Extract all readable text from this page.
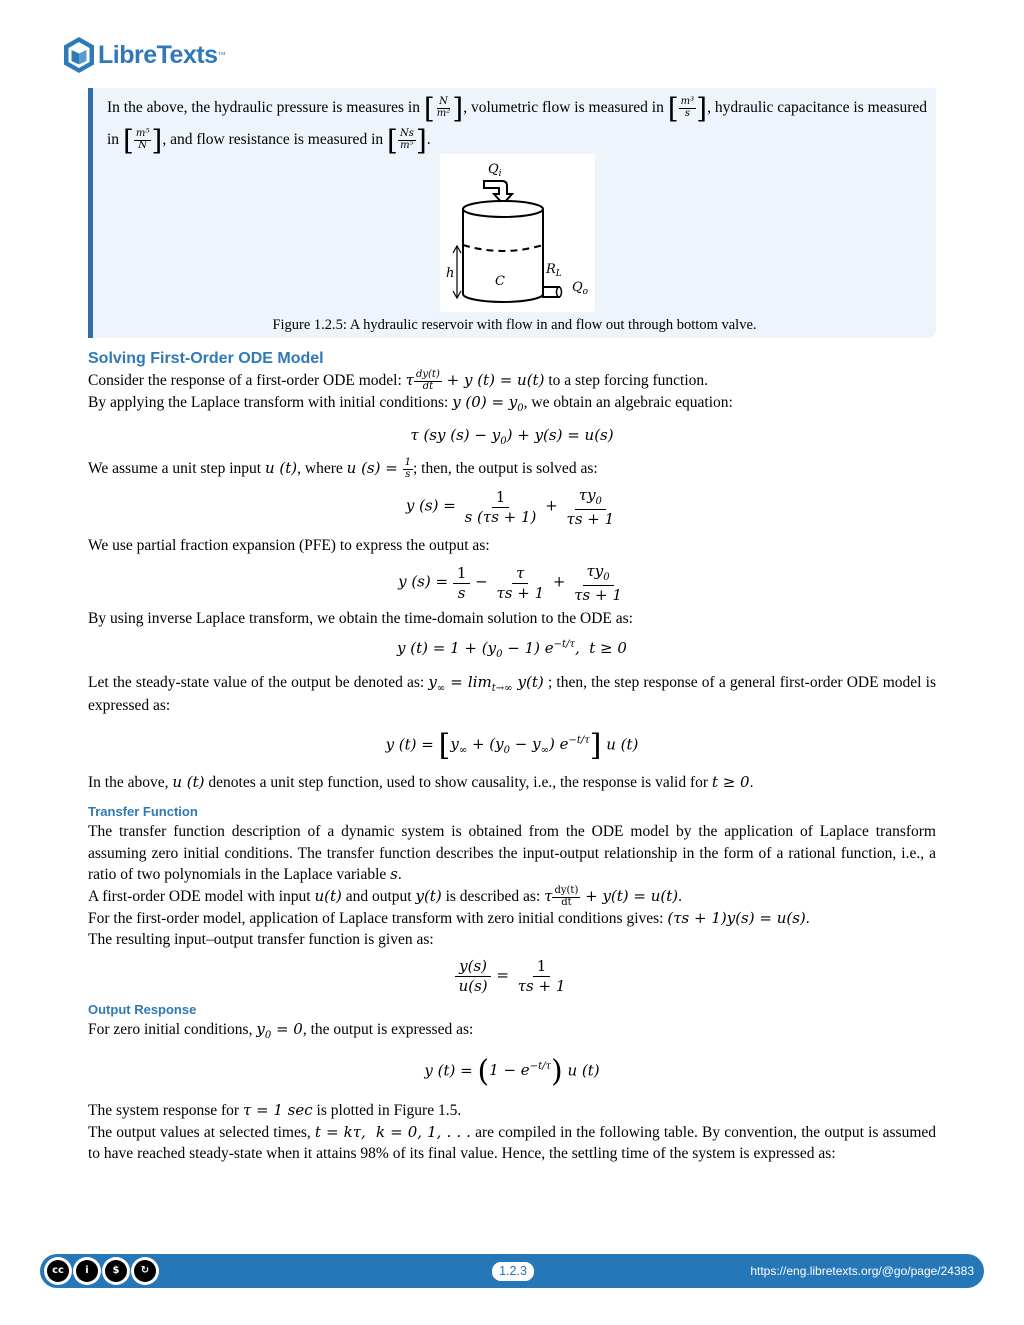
LibreTexts ™
In the above, the hydraulic pressure is measures in [ $\frac{N}{\text{m²}}$ ], volumetric flow is measured in [ $\frac{\text{m³}}{s}$ ], hydraulic capacitance is measured in [ $\frac{\text{m⁵}}{N}$ ], and flow resistance is measured in [ $\frac{Ns}{\text{m⁵}}$ ].
$Q_i$
h
C
$R_L$
$Q_o$
Figure 1.2.5: A hydraulic reservoir with flow in and flow out through bottom valve.
Solving First-Order ODE Model

Consider the response of a first-order ODE model: τ $\frac{dy(t)}{dt} + y$ (t) = u(t) to a step forcing function.

By applying the Laplace transform with initial conditions: y $(0) = y_0$, we obtain an algebraic equation:

τ (sy $(s) - y_0) + y(s) = u(s)$

We assume a unit step input u (t), where u $(s) = \frac{1}{s}$ ; then, the output is solved as:

y $(s) = \frac{1}{s (\tau s + 1)} + \frac{\tau y_0}{\tau s + 1}$

We use partial fraction expansion (PFE) to express the output as:

y $(s) = \frac{1}{s} - \frac{\tau}{\tau s + 1} + \frac{\tau y_0}{\tau s + 1}$

By using inverse Laplace transform, we obtain the time-domain solution to the ODE as:

y $(t) = 1 + (y_0 - 1)$ $e^{-t/\tau}$,  t ≥ 0

Let the steady-state value of the output be denoted as: $y_\infty = \lim_{t\to\infty} y(t)$ ; then, the step response of a general first-order ODE model is expressed as:

y $(t) = [y_\infty + (y_0 - y_\infty)$ $e^{-t/\tau}$] u (t)

In the above, u (t) denotes a unit step function, used to show causality, i.e., the response is valid for t ≥ 0.

Transfer Function

The transfer function description of a dynamic system is obtained from the ODE model by the application of Laplace transform assuming zero initial conditions. The transfer function describes the input-output relationship in the form of a rational function, i.e., a ratio of two polynomials in the Laplace variable s.

A first-order ODE model with input u(t) and output y(t) is described as: τ $\frac{dy(t)}{dt} + y(t) = u(t)$.

For the first-order model, application of Laplace transform with zero initial conditions gives: (τs + 1)y(s) = u(s).

The resulting input–output transfer function is given as:

$\frac{y(s)}{u(s)} = \frac{1}{\tau s + 1}$

Output Response

For zero initial conditions, $y_0 = 0$, the output is expressed as:

y $(t) = (1 - e^{-t/\tau})$ u (t)

The system response for τ = 1 sec is plotted in Figure 1.5.

The output values at selected times, t = kτ,  k = 0, 1, . . . are compiled in the following table. By convention, the output is assumed to have reached steady-state when it attains 98% of its final value. Hence, the settling time of the system is expressed as:

cc	i	$	↻	1.2.3	https://eng.libretexts.org/@go/page/24383
